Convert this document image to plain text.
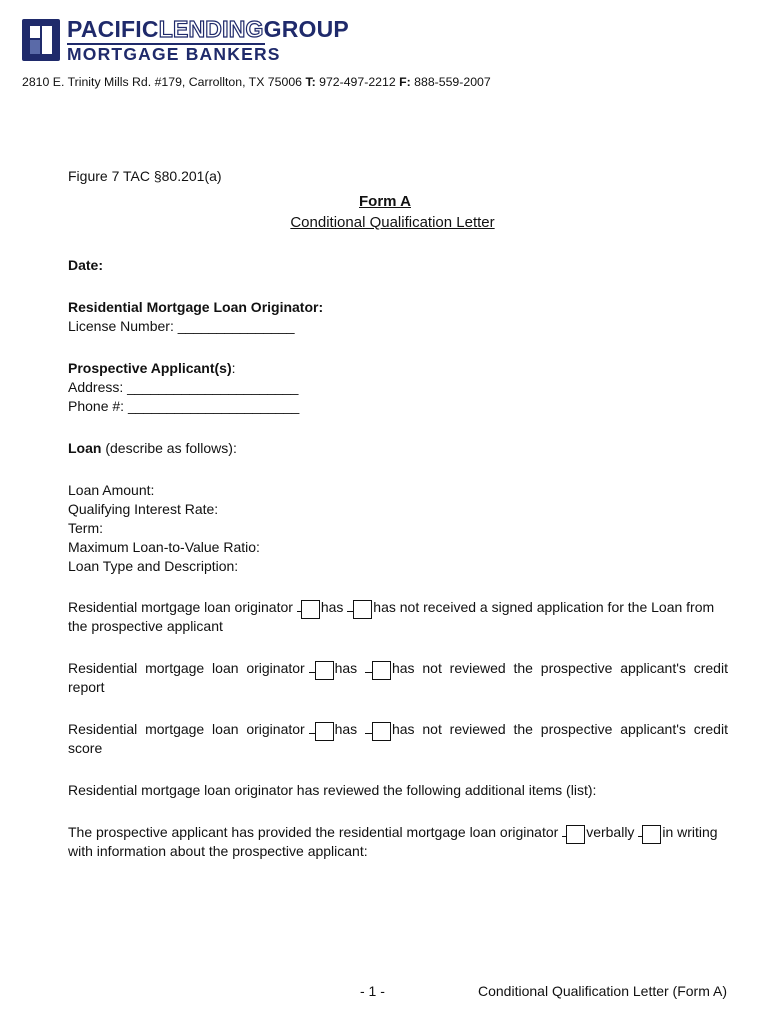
PACIFICLENDINGGROUP
MORTGAGE BANKERS
2810 E. Trinity Mills Rd. #179, Carrollton, TX 75006 T: 972-497-2212 F: 888-559-2007
Figure 7 TAC §80.201(a)
Form A
Conditional Qualification Letter
Date:
Residential Mortgage Loan Originator:
License Number: _______________
Prospective Applicant(s):
Address: ______________________
Phone #: ______________________
Loan (describe as follows):
Loan Amount:
Qualifying Interest Rate:
Term:
Maximum Loan-to-Value Ratio:
Loan Type and Description:
Residential mortgage loan originator has has not received a signed application for the Loan from
the prospective applicant
Residential mortgage loan originator has	has not reviewed the prospective applicant's credit
report
Residential mortgage loan originator has	has not reviewed the prospective applicant's credit
score
Residential mortgage loan originator has reviewed the following additional items (list):
The prospective applicant has provided the residential mortgage loan originator verbally in writing
with information about the prospective applicant:
- 1 -	Conditional Qualification Letter (Form A)
